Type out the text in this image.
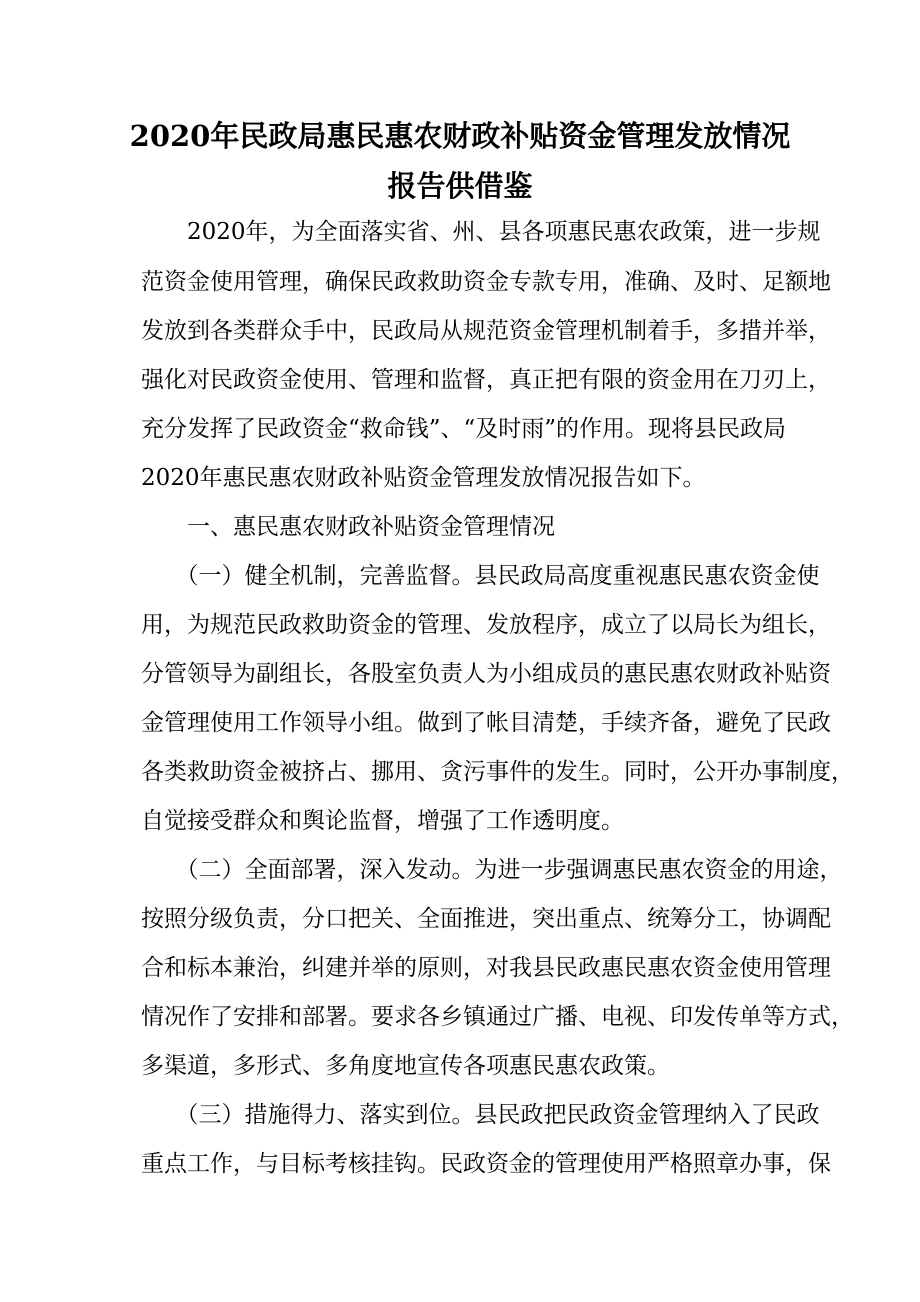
2020年民政局惠民惠农财政补贴资金管理发放情况
报告供借鉴

　　2020年，为全面落实省、州、县各项惠民惠农政策，进一步规

范资金使用管理，确保民政救助资金专款专用，准确、及时、足额地

发放到各类群众手中，民政局从规范资金管理机制着手，多措并举，

强化对民政资金使用、管理和监督，真正把有限的资金用在刀刃上，

充分发挥了民政资金“救命钱”、“及时雨”的作用。现将县民政局

2020年惠民惠农财政补贴资金管理发放情况报告如下。

　　一、惠民惠农财政补贴资金管理情况

　　（一）健全机制，完善监督。县民政局高度重视惠民惠农资金使

用，为规范民政救助资金的管理、发放程序，成立了以局长为组长，

分管领导为副组长，各股室负责人为小组成员的惠民惠农财政补贴资

金管理使用工作领导小组。做到了帐目清楚，手续齐备，避免了民政

各类救助资金被挤占、挪用、贪污事件的发生。同时，公开办事制度，

自觉接受群众和舆论监督，增强了工作透明度。

　　（二）全面部署，深入发动。为进一步强调惠民惠农资金的用途，

按照分级负责，分口把关、全面推进，突出重点、统筹分工，协调配

合和标本兼治，纠建并举的原则，对我县民政惠民惠农资金使用管理

情况作了安排和部署。要求各乡镇通过广播、电视、印发传单等方式，

多渠道，多形式、多角度地宣传各项惠民惠农政策。

　　（三）措施得力、落实到位。县民政把民政资金管理纳入了民政

重点工作，与目标考核挂钩。民政资金的管理使用严格照章办事，保
